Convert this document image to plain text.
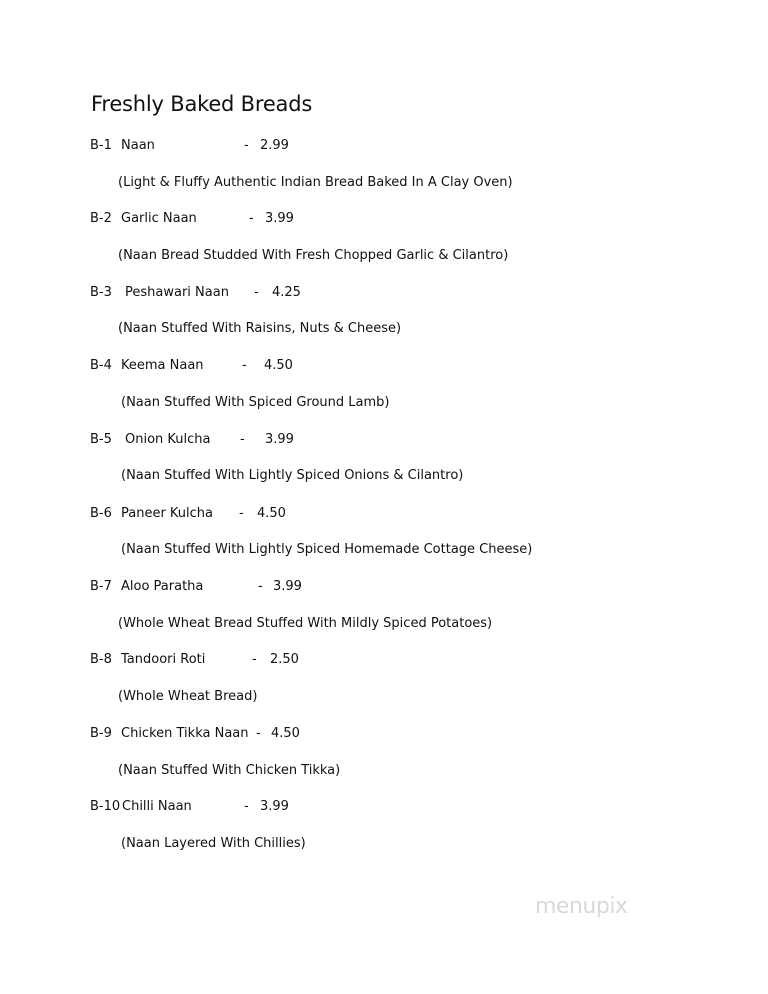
Freshly Baked Breads
B-1 Naan	- 2.99
(Light & Fluffy Authentic Indian Bread Baked In A Clay Oven)
B-2 Garlic Naan	- 3.99
(Naan Bread Studded With Fresh Chopped Garlic & Cilantro)
B-3 Peshawari Naan - 4.25
(Naan Stuffed With Raisins, Nuts & Cheese)
B-4 Keema Naan	- 4.50
(Naan Stuffed With Spiced Ground Lamb)
B-5 Onion Kulcha - 3.99
(Naan Stuffed With Lightly Spiced Onions & Cilantro)
B-6 Paneer Kulcha - 4.50
(Naan Stuffed With Lightly Spiced Homemade Cottage Cheese)
B-7 Aloo Paratha	- 3.99
(Whole Wheat Bread Stuffed With Mildly Spiced Potatoes)
B-8 Tandoori Roti	- 2.50
(Whole Wheat Bread)
B-9 Chicken Tikka Naan - 4.50
(Naan Stuffed With Chicken Tikka)
B-10 Chilli Naan	- 3.99
(Naan Layered With Chillies)
menupix
